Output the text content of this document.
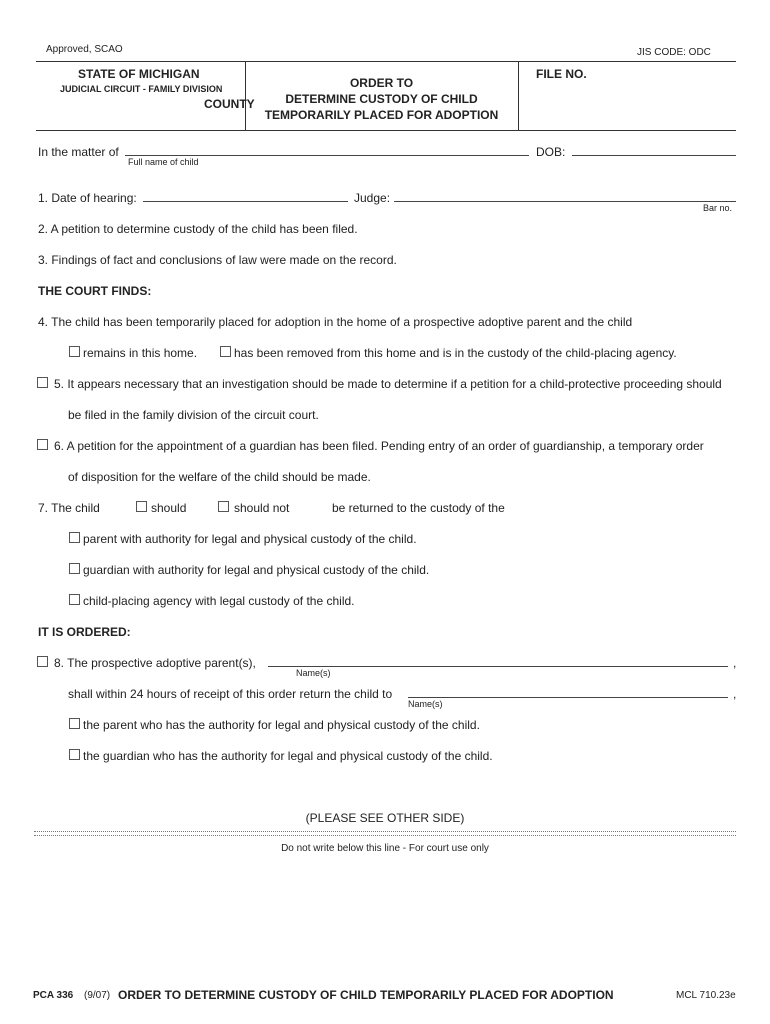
Approved, SCAO	JIS CODE: ODC
STATE OF MICHIGAN
JUDICIAL CIRCUIT - FAMILY DIVISION
COUNTY
ORDER TO
DETERMINE CUSTODY OF CHILD
TEMPORARILY PLACED FOR ADOPTION
FILE NO.
In the matter of
Full name of child
DOB:
1. Date of hearing:	Judge:
Bar no.
2. A petition to determine custody of the child has been filed.
3. Findings of fact and conclusions of law were made on the record.
THE COURT FINDS:
4. The child has been temporarily placed for adoption in the home of a prospective adoptive parent and the child
remains in this home.	has been removed from this home and is in the custody of the child-placing agency.
5. It appears necessary that an investigation should be made to determine if a petition for a child-protective proceeding should
be filed in the family division of the circuit court.
6. A petition for the appointment of a guardian has been filed. Pending entry of an order of guardianship, a temporary order
of disposition for the welfare of the child should be made.
7. The child	should	should not	be returned to the custody of the
parent with authority for legal and physical custody of the child.
guardian with authority for legal and physical custody of the child.
child-placing agency with legal custody of the child.
IT IS ORDERED:
8. The prospective adoptive parent(s),	,
Name(s)
shall within 24 hours of receipt of this order return the child to	,
Name(s)
the parent who has the authority for legal and physical custody of the child.
the guardian who has the authority for legal and physical custody of the child.
(PLEASE SEE OTHER SIDE)
Do not write below this line - For court use only
PCA 336 (9/07) ORDER TO DETERMINE CUSTODY OF CHILD TEMPORARILY PLACED FOR ADOPTION	MCL 710.23e
